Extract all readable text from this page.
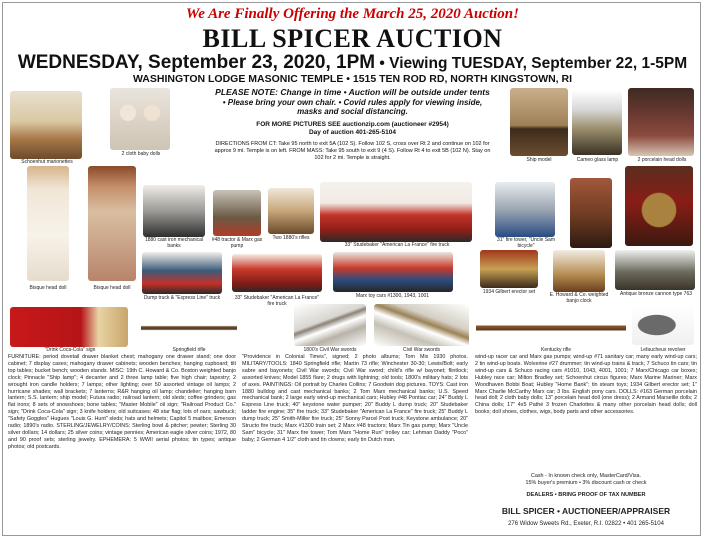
We Are Finally Offering the March 25, 2020 Auction!
BILL SPICER AUCTION
WEDNESDAY, September 23, 2020, 1PM • Viewing TUESDAY, September 22, 1-5PM
WASHINGTON LODGE MASONIC TEMPLE • 1515 TEN ROD RD, NORTH KINGSTOWN, RI
PLEASE NOTE: Change in time • Auction will be outside under tents
• Please bring your own chair. • Covid rules apply for viewing inside, masks and social distancing.
FOR MORE PICTURES SEE auctionzip.com (auctioneer #2954)
Day of auction 401-265-5104
DIRECTIONS FROM CT: Take 95 north to exit 5A (102 S). Follow 102 S, cross over Rt 2 and continue on 102 for approx 9 mi. Temple is on left. FROM MASS: Take 95 south to exit 9 (4 S). Follow Rt 4 to exit 5B (102 N). Stay on 102 for 2 mi. Temple is straight.
Schoenhut marionettes
2 cloth baby dolls
Ship model	Cameo glass lamp	2 porcelain head dolls
Bisque head doll	Bisque head doll
1880 cast iron mechanical banks
#48 tractor & Marx gas pump
Two 1880's rifles
33" Studebaker "American La France" fire truck
31" fire tower, "Uncle Sam bicycle"
Dump truck & "Express Line" truck	33" Studebaker "American La France" fire truck
Marx toy cars #1300, 1943, 1001
1934 Gilbert erector set	E. Howard & Co. weighted banjo clock
Antique bronze cannon type 763
"Drink Coca-Cola" sign	Springfield rifle	1800's Civil War swords	Civil War swords	Kentucky rifle	Lefaucheux revolver
FURNITURE: period dovetail drawer blanket chest; mahogany one drawer stand; one door cabinet; 7 display cases; mahogany drawer cabinets; wooden benches; hanging cupboard; tilt top tables; bucket bench; wooden stands. MISC: 19th C. Howard & Co. Boston weighted banjo clock; Pinnacle "Ship lamp"; 4 decanter and 2 three lamp table; five high chair; tapestry; 2 wrought iron candle holders; 7 lamps; other lighting; over 50 assorted vintage oil lamps; 2 hurricane shades; wall brackets; 7 lanterns; R&R hanging oil lamp; chandelier; hanging barn lantern; S.S. lantern; ship model; Futura radio; railroad lantern; old sleds; coffee grinders; gas flat irons; 8 sets of snowshoes; bone tables; "Master Mobile" oil sign; "Railroad Product Co." sign; "Drink Coca-Cola" sign; 3 knife holders; old suitcases; 48 star flag; lots of oars; sawbuck; "Safety Goggles" Hugues "Louis G. Hunt" sleds; hats and helmets; Capitol 5 mailbox; Emerson radio; 1890's radio. STERLING/JEWELRY/COINS: Sterling bowl & pitcher; pewter; Sterling 30 silver dollars; 14 dollars; 25 silver coins; vintage pennies; American eagle silver coins; 1972, 80 and 90 proof sets; sterling jewelry. EPHEMERA: 5 WWII aerial photos; tin types; antique photos; old postcards.
"Providence in Colonial Times", signed; 2 photo albums; Tom Mix 1930 photos. MILITARY/TOOLS: 1840 Springfield rifle; Martin 73 rifle; Winchester 30-30; Lewis/Bolt; early sabre and bayonets; Civil War swords; Civil War sword; child's rifle w/ bayonet; flintlock; assorted knives; Model 1855 flare; 2 drugs with lightning; old tools; 1800's military hats; 2 lots of axes. PAINTINGS: Oil portrait by Charles Collins; 7 Goodwin dog pictures. TOYS: Cast iron 1880 bulldog and cast mechanical banks; 2 Tom Marx mechanical banks; U.S. Speed mechanical bank; 2 large early wind-up mechanical cars; Hubley #48 Pontiac car; 24" Buddy L Express Line truck; 40" keystone water pumper; 20" Buddy L dump truck; 20" Studebaker ladder fire engine; 35" fire truck; 33" Studebaker "American La France" fire truck; 25" Buddy L dump truck; 25" Smith-Miller fire truck; 25" Sonny Parcel Post truck; Keystone ambulance; 20" Structo fire truck; Marx #1300 train set; 2 Marx #48 tractors; Marx Tin gas pump; Marx "Uncle Sam" bicycle; 31" Marx fire tower; Tom Marx "Home Run" trolley car; Lehman Daddy "Poco" baby; 2 German 4 1/2" cloth and tin clowns; early tin Dutch man.
wind-up racer car and Marx gas pumps; wind-up #71 sanitary car; many early wind-up cars; 2 tin wind-up boats. Wolverine #27 drummer; tin wind-up trains & track; 7 Schuco tin cars; tin wind-up cars & Schuco racing cars #1010, 1043, 4001, 1001; 7 Marx/Chicago car boxes; Hubley race car; Milton Bradley set; Schoenhut circus figures; Marx Marine Mariner; Marx Woodhaven Bobbi Boat; Hubley "Home Bank"; tin steam toys; 1934 Gilbert erector set; 1" Marx Charlie McCarthy Marx car; 3 lbs. English pony cars. DOLLS: #163 German porcelain head doll; 2 cloth baby dolls; 13" porcelain head doll (one dress); 2 Armand Marseille dolls; 2 China dolls; 17" 4x5 Pathé 3 frozen Charlottes & many other porcelain head dolls; doll books; doll shoes, clothes, wigs, body parts and other accessories.
Cash - In known check only, MasterCard/Visa.
15% buyer's premium • 3% discount cash or check
DEALERS • BRING PROOF OF TAX NUMBER
BILL SPICER • AUCTIONEER/APPRAISER
276 Widow Sweets Rd., Exeter, R.I. 02822 • 401 265-5104
